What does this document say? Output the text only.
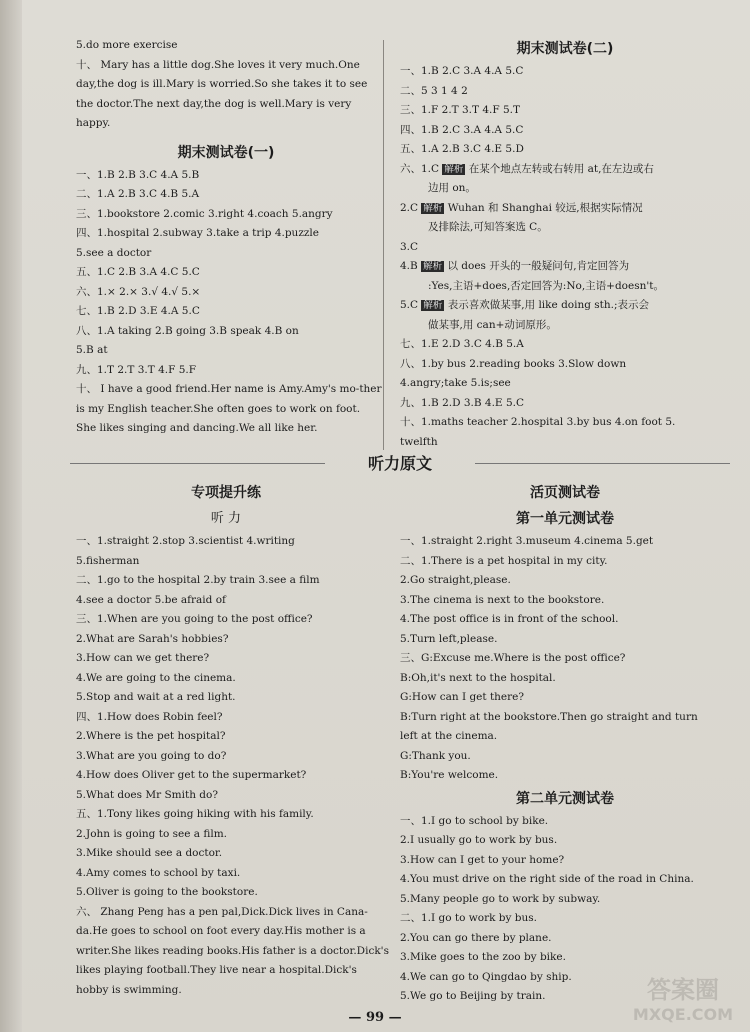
5.do more exercise
十、 Mary has a little dog.She loves it very much.One
day,the dog is ill.Mary is worried.So she takes it to see
the doctor.The next day,the dog is well.Mary is very
happy.
期末测试卷(一)
一、1.B 2.B 3.C 4.A 5.B
二、1.A 2.B 3.C 4.B 5.A
三、1.bookstore 2.comic 3.right 4.coach 5.angry
四、1.hospital 2.subway 3.take a trip 4.puzzle
5.see a doctor
五、1.C 2.B 3.A 4.C 5.C
六、1.× 2.× 3.√ 4.√ 5.×
七、1.B 2.D 3.E 4.A 5.C
八、1.A taking 2.B going 3.B speak 4.B on
5.B at
九、1.T 2.T 3.T 4.F 5.F
十、 I have a good friend.Her name is Amy.Amy's mo-ther
is my English teacher.She often goes to work on foot.
She likes singing and dancing.We all like her.
期末测试卷(二)
一、1.B 2.C 3.A 4.A 5.C
二、5 3 1 4 2
三、1.F 2.T 3.T 4.F 5.T
四、1.B 2.C 3.A 4.A 5.C
五、1.A 2.B 3.C 4.E 5.D
六、1.C 解析 在某个地点左转或右转用 at,在左边或右
边用 on。
2.C 解析 Wuhan 和 Shanghai 较远,根据实际情况
及排除法,可知答案选 C。
3.C
4.B 解析 以 does 开头的一般疑问句,肯定回答为
:Yes,主语+does,否定回答为:No,主语+doesn't。
5.C 解析 表示喜欢做某事,用 like doing sth.;表示会
做某事,用 can+动词原形。
七、1.E 2.D 3.C 4.B 5.A
八、1.by bus 2.reading books 3.Slow down
4.angry;take 5.is;see
九、1.B 2.D 3.B 4.E 5.C
十、1.maths teacher 2.hospital 3.by bus 4.on foot 5.
twelfth
听力原文
专项提升练
听 力
一、1.straight 2.stop 3.scientist 4.writing
5.fisherman
二、1.go to the hospital 2.by train 3.see a film
4.see a doctor 5.be afraid of
三、1.When are you going to the post office?
2.What are Sarah's hobbies?
3.How can we get there?
4.We are going to the cinema.
5.Stop and wait at a red light.
四、1.How does Robin feel?
2.Where is the pet hospital?
3.What are you going to do?
4.How does Oliver get to the supermarket?
5.What does Mr Smith do?
五、1.Tony likes going hiking with his family.
2.John is going to see a film.
3.Mike should see a doctor.
4.Amy comes to school by taxi.
5.Oliver is going to the bookstore.
六、 Zhang Peng has a pen pal,Dick.Dick lives in Cana-
da.He goes to school on foot every day.His mother is a
writer.She likes reading books.His father is a doctor.Dick's
likes playing football.They live near a hospital.Dick's
hobby is swimming.
活页测试卷
第一单元测试卷
一、1.straight 2.right 3.museum 4.cinema 5.get
二、1.There is a pet hospital in my city.
2.Go straight,please.
3.The cinema is next to the bookstore.
4.The post office is in front of the school.
5.Turn left,please.
三、G:Excuse me.Where is the post office?
B:Oh,it's next to the hospital.
G:How can I get there?
B:Turn right at the bookstore.Then go straight and turn
left at the cinema.
G:Thank you.
B:You're welcome.
第二单元测试卷
一、1.I go to school by bike.
2.I usually go to work by bus.
3.How can I get to your home?
4.You must drive on the right side of the road in China.
5.Many people go to work by subway.
二、1.I go to work by bus.
2.You can go there by plane.
3.Mike goes to the zoo by bike.
4.We can go to Qingdao by ship.
5.We go to Beijing by train.
— 99 —
答案圈
MXQE.COM
